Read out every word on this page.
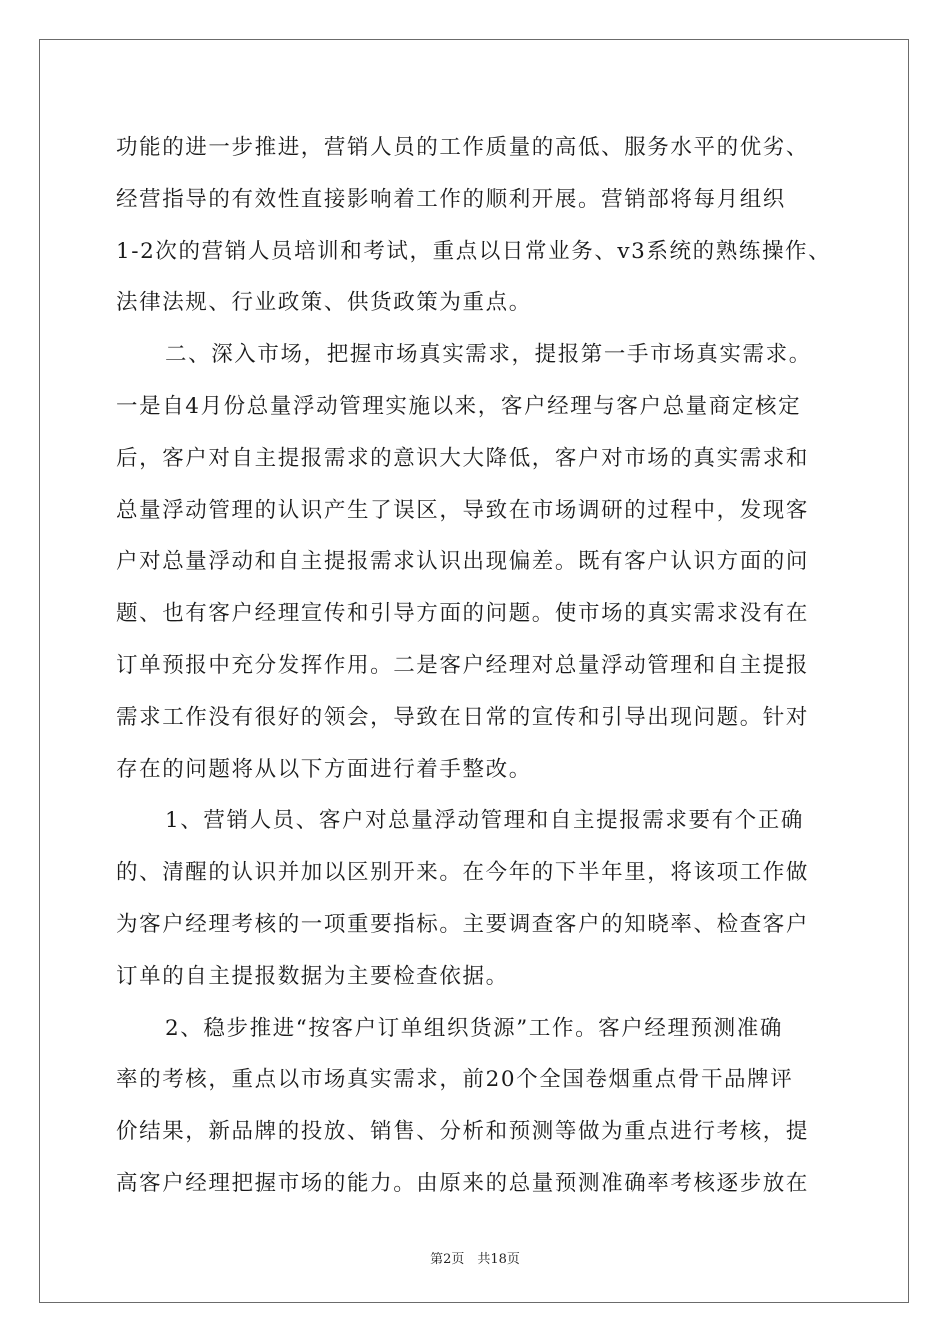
功能的进一步推进，营销人员的工作质量的高低、服务水平的优劣、
经营指导的有效性直接影响着工作的顺利开展。营销部将每月组织
1-2次的营销人员培训和考试，重点以日常业务、v3系统的熟练操作、
法律法规、行业政策、供货政策为重点。
二、深入市场，把握市场真实需求，提报第一手市场真实需求。
一是自4月份总量浮动管理实施以来，客户经理与客户总量商定核定
后，客户对自主提报需求的意识大大降低，客户对市场的真实需求和
总量浮动管理的认识产生了误区，导致在市场调研的过程中，发现客
户对总量浮动和自主提报需求认识出现偏差。既有客户认识方面的问
题、也有客户经理宣传和引导方面的问题。使市场的真实需求没有在
订单预报中充分发挥作用。二是客户经理对总量浮动管理和自主提报
需求工作没有很好的领会，导致在日常的宣传和引导出现问题。针对
存在的问题将从以下方面进行着手整改。
1、营销人员、客户对总量浮动管理和自主提报需求要有个正确
的、清醒的认识并加以区别开来。在今年的下半年里，将该项工作做
为客户经理考核的一项重要指标。主要调查客户的知晓率、检查客户
订单的自主提报数据为主要检查依据。
2、稳步推进“按客户订单组织货源”工作。客户经理预测准确
率的考核，重点以市场真实需求，前20个全国卷烟重点骨干品牌评
价结果，新品牌的投放、销售、分析和预测等做为重点进行考核，提
高客户经理把握市场的能力。由原来的总量预测准确率考核逐步放在
第2页　共18页
